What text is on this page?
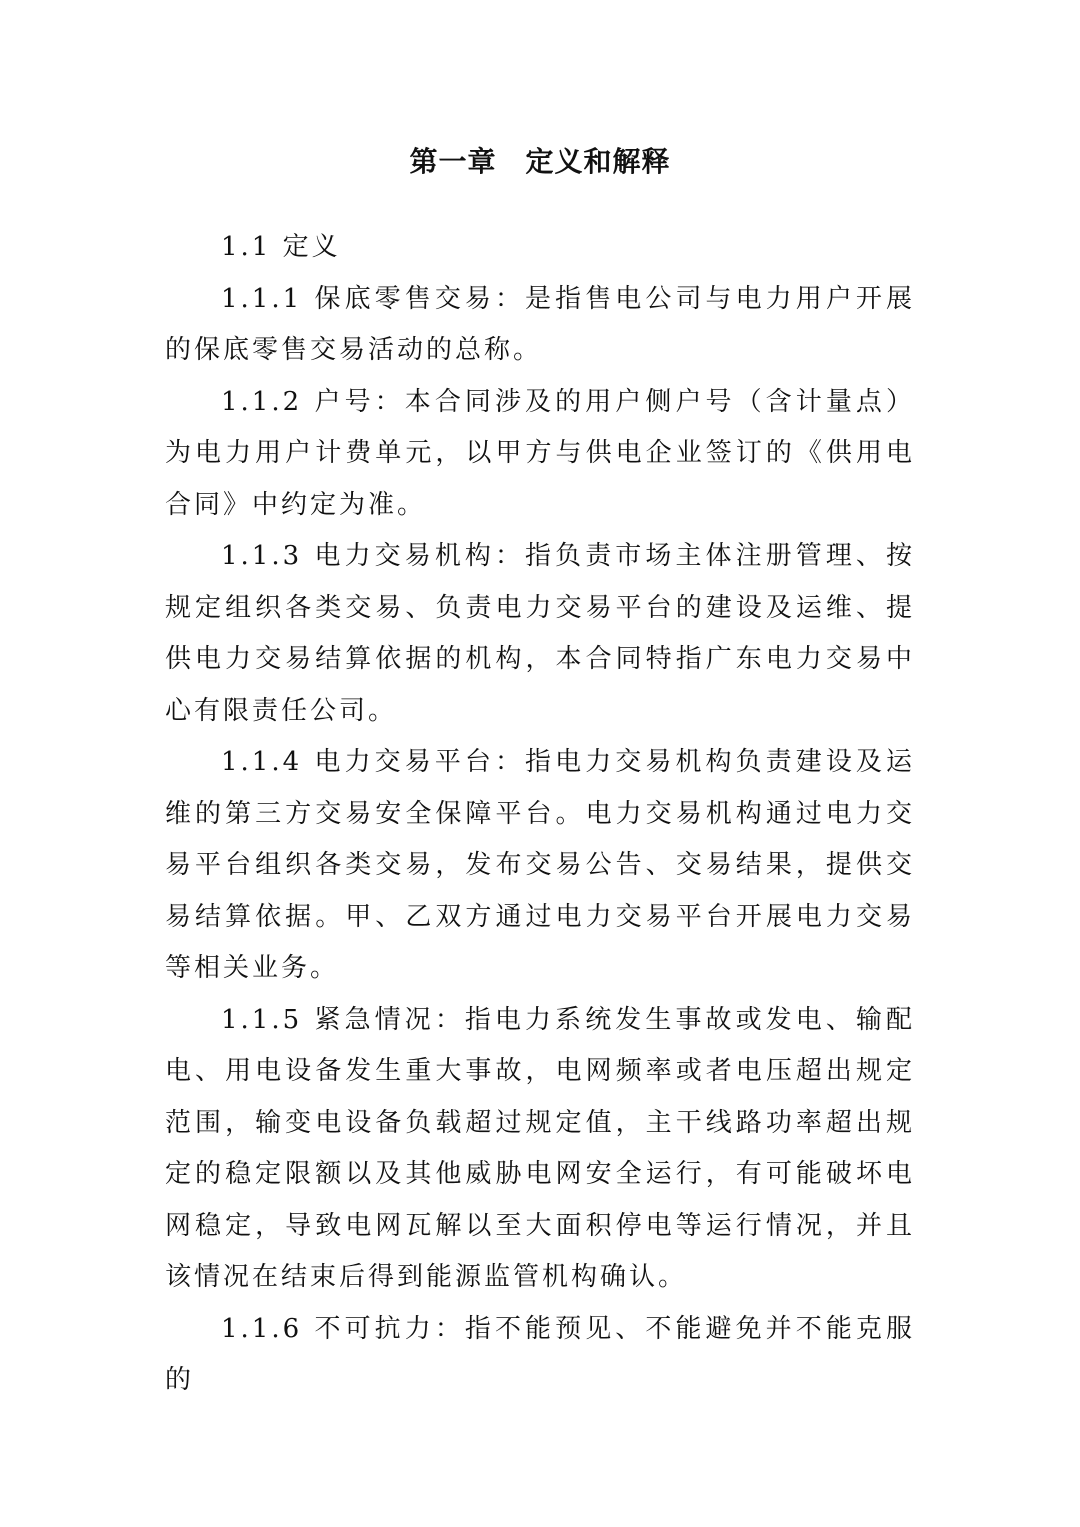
第一章　定义和解释

1.1 定义

1.1.1 保底零售交易：是指售电公司与电力用户开展的保底零售交易活动的总称。

1.1.2 户号：本合同涉及的用户侧户号（含计量点）为电力用户计费单元，以甲方与供电企业签订的《供用电合同》中约定为准。

1.1.3 电力交易机构：指负责市场主体注册管理、按规定组织各类交易、负责电力交易平台的建设及运维、提供电力交易结算依据的机构，本合同特指广东电力交易中心有限责任公司。

1.1.4 电力交易平台：指电力交易机构负责建设及运维的第三方交易安全保障平台。电力交易机构通过电力交易平台组织各类交易，发布交易公告、交易结果，提供交易结算依据。甲、乙双方通过电力交易平台开展电力交易等相关业务。

1.1.5 紧急情况：指电力系统发生事故或发电、输配电、用电设备发生重大事故，电网频率或者电压超出规定范围，输变电设备负载超过规定值，主干线路功率超出规定的稳定限额以及其他威胁电网安全运行，有可能破坏电网稳定，导致电网瓦解以至大面积停电等运行情况，并且该情况在结束后得到能源监管机构确认。

1.1.6 不可抗力：指不能预见、不能避免并不能克服的
